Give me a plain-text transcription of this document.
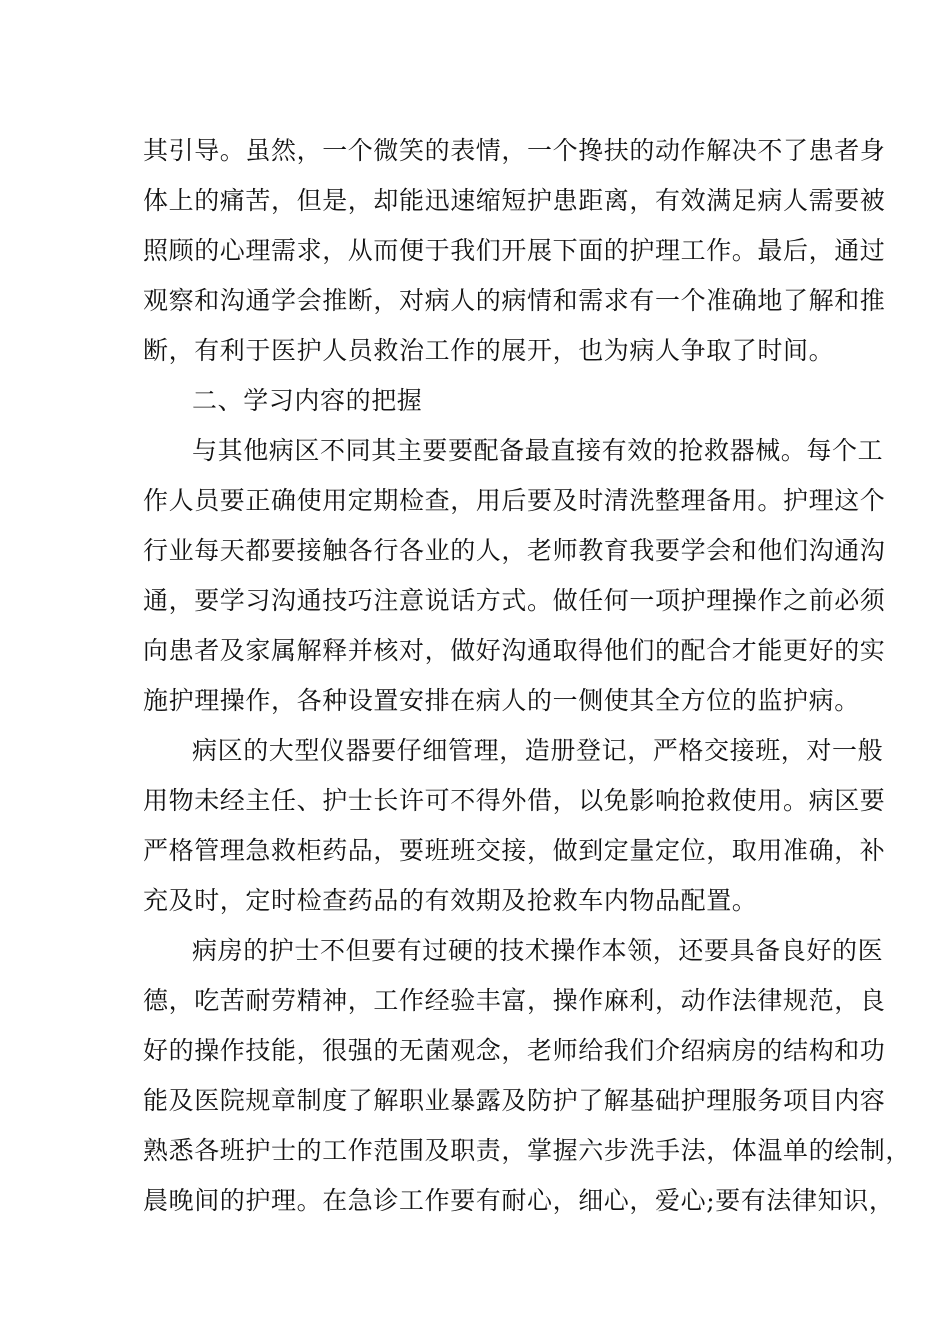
其引导。虽然，一个微笑的表情，一个搀扶的动作解决不了患者身
体上的痛苦，但是，却能迅速缩短护患距离，有效满足病人需要被
照顾的心理需求，从而便于我们开展下面的护理工作。最后，通过
观察和沟通学会推断，对病人的病情和需求有一个准确地了解和推
断，有利于医护人员救治工作的展开，也为病人争取了时间。
二、学习内容的把握
与其他病区不同其主要要配备最直接有效的抢救器械。每个工
作人员要正确使用定期检查，用后要及时清洗整理备用。护理这个
行业每天都要接触各行各业的人，老师教育我要学会和他们沟通沟
通，要学习沟通技巧注意说话方式。做任何一项护理操作之前必须
向患者及家属解释并核对，做好沟通取得他们的配合才能更好的实
施护理操作，各种设置安排在病人的一侧使其全方位的监护病。
病区的大型仪器要仔细管理，造册登记，严格交接班，对一般
用物未经主任、护士长许可不得外借，以免影响抢救使用。病区要
严格管理急救柜药品，要班班交接，做到定量定位，取用准确，补
充及时，定时检查药品的有效期及抢救车内物品配置。
病房的护士不但要有过硬的技术操作本领，还要具备良好的医
德，吃苦耐劳精神，工作经验丰富，操作麻利，动作法律规范，良
好的操作技能，很强的无菌观念，老师给我们介绍病房的结构和功
能及医院规章制度了解职业暴露及防护了解基础护理服务项目内容
熟悉各班护士的工作范围及职责，掌握六步洗手法，体温单的绘制，
晨晚间的护理。在急诊工作要有耐心，细心，爱心;要有法律知识，
